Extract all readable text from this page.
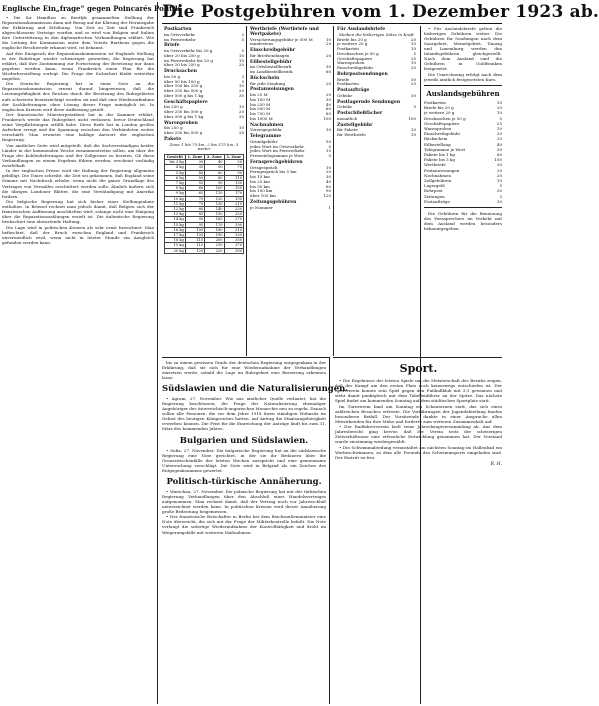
Englische Ein„frage“ gegen Poincarés Politik.

• Die Sir Hamilton zu Rentlyk gesammelten Stellung der Reparationskommission dann mit Bezug auf die Klärung der Herausgabe der Erklärung und Erhöhung. Von Zeit zu Zeit sind Frankreich abgeschlossene Verträge worden und so wird von Belgien und Italien ihre Unterstützung in den diplomatischen Verhandlungen erklärt. Wie die Leitung der Kommission unter dem Vorsitz Barthous gegen die englische Beschwerde erkannt wird, ist bekannt.

Auf den Einspruch der Reparationskommission ist Englands Stellung in der Ruhrfrage wieder schwieriger geworden; die Regierung hat erklärt, daß ihre Zustimmung zur Fortsetzung der Besetzung nur dann gegeben werden kann, wenn Frankreich einen Plan für die Wiederherstellung vorlegt. Die Frage der Sicherheit bleibt weiterhin ungelöst.

Die Deutsche Regierung hat in einer Note an die Reparationskommission erneut darauf hingewiesen, daß die Leistungsfähigkeit des Reiches durch die Besetzung des Ruhrgebietes aufs schwerste beeinträchtigt worden sei und daß eine Wiederaufnahme der Sachlieferungen ohne Lösung dieser Frage unmöglich ist. In englischen Kreisen wird diese Auffassung geteilt.

Der französische Ministerpräsident hat in der Kammer erklärt, Frankreich werde das Ruhrgebiet nicht verlassen, bevor Deutschland seine Verpflichtungen erfüllt habe. Diese Rede hat in London großes Aufsehen erregt und die Spannung zwischen den Verbündeten weiter verschärft. Man erwartet eine baldige Antwort der englischen Regierung.

Von amtlicher Seite wird mitgeteilt, daß die Sachverständigen beider Länder in der kommenden Woche zusammentreten sollen, um über die Frage der Kohlenlieferungen und der Zollgrenze zu beraten. Ob diese Verhandlungen zu einem Ergebnis führen werden, erscheint vorläufig zweifelhaft.

In der englischen Presse wird die Haltung der Regierung allgemein gebilligt. Die Times schreibt, die Zeit sei gekommen, daß England seine Stimme mit Nachdruck erhebe, wenn nicht die ganze Grundlage des Vertrages von Versailles erschüttert werden solle. Ähnlich äußern sich die übrigen Londoner Blätter, die eine Verständigung mit Amerika fordern.

Die belgische Regierung hat sich bisher einer Stellungnahme enthalten. In Brüssel rechnet man jedoch damit, daß Belgien sich der französischen Auffassung anschließen wird, solange nicht eine Einigung über die Reparationszahlungen erzielt ist. Die italienische Regierung beobachtet eine abwartende Haltung.

Die Lage wird in politischen Kreisen als sehr ernst bezeichnet. Man befürchtet, daß der Bruch zwischen England und Frankreich unvermeidlich wird, wenn nicht in letzter Stunde ein Ausgleich gefunden werden kann.

Die Postgebühren vom 1. Dezember 1923 ab.
Postkarten
im Ortsverkehr	3
im Fernverkehr	5
Briefe
im Ortsverkehr bis 20 g	5
über 20 bis 250 g	10
im Fernverkehr bis 20 g	10
über 20 bis 250 g	20
Drucksachen
bis 50 g	3
über 50 bis 100 g	5
über 100 bis 250 g	10
über 250 bis 500 g	20
über 500 g bis 1 kg	30
Geschäftspapiere
bis 250 g	10
über 250 bis 500 g	20
über 500 g bis 1 kg	30
Warenproben
bis 250 g	10
über 250 bis 500 g	20
Pakete
Zone 1 bis 75 km, 2 bis 375 km, 3 weiter
Gewicht	1. Zone	2. Zone	3. Zone
bis 3 kg	30	40	50
4 kg	35	50	70
5 kg	40	60	90
6 kg	50	80	110
7 kg	55	90	130
8 kg	60	100	150
9 kg	65	110	170
10 kg	70	120	190
11 kg	75	130	210
12 kg	80	140	230
13 kg	85	150	250
14 kg	90	160	270
15 kg	95	170	290
16 kg	100	180	310
17 kg	105	190	330
18 kg	110	200	350
19 kg	115	210	370
20 kg	120	220	390
Wertbriefe (Wertbriefe und Wertpakete)
Versicherungsgebühr je 500 M	10
mindestens	20
Einschreibgebühr
für Briefsendungen	20
Eilbestellgebühr
im Ortsbestellbezirk	30
im Landbestellbezirk	60
Rückschein
für jede Sendung	20
Postanweisungen
bis 25 M	20
bis 100 M	30
bis 250 M	40
bis 500 M	60
bis 750 M	80
bis 1000 M	100
Nachnahmen
Vorzeigegebühr	10
Telegramme
Grundgebühr	50
jedes Wort im Ortsverkehr	5
jedes Wort im Fernverkehr	10
Pressetelegramme je Wort	5
Fernsprechgebühren
Ortsgespräch	10
Ferngespräch bis 5 km	20
bis 15 km	30
bis 25 km	40
bis 50 km	60
bis 100 km	90
über 100 km	120
Zeitungsgebühren
je Nummer	1
Für Auslandsbriefe
bleiben die bisherigen Sätze in Kraft
Briefe bis 20 g	20
je weitere 20 g	10
Postkarten	10
Drucksachen je 50 g	5
Geschäftspapiere	25
Warenproben	10
Einschreibgebühr	20
Rohrpostsendungen
Briefe	30
Postkarten	25
Postaufträge
Gebühr	30
Postlagernde Sendungen
Gebühr	5
Postschließfächer
monatlich	100
Zustellgebühr
für Pakete	10
für Wertbriefe	10

bis zu einem gewissen Grade der deutschen Regierung entgegenkam in der Erklärung, daß sie sich für eine Wiederaufnahme der Verhandlungen einsetzen werde, sobald die Lage im Ruhrgebiet eine Besserung erkennen lasse.

Südslawien und die Naturalisierungen.

• Agram, 27. November. Wie aus amtlicher Quelle verlautet, hat die Regierung beschlossen, die Frage der Naturalisierung ehemaliger Angehöriger der österreichisch-ungarischen Monarchie neu zu regeln. Danach sollen alle Personen, die vor dem Jahre 1918 ihren ständigen Wohnsitz im Gebiet des heutigen Königreiches hatten, auf Antrag die Staatsangehörigkeit erwerben können. Die Frist für die Einreichung der Anträge läuft bis zum 31. März des kommenden Jahres.

Bulgarien und Südslawien.

• Sofia, 27. November. Die bulgarische Regierung hat an die südslawische Regierung eine Note gerichtet, in der sie ihr Bedauern über die Grenzzwischenfälle der letzten Wochen ausspricht und eine gemeinsame Untersuchung vorschlägt. Die Note wird in Belgrad als ein Zeichen des Entgegenkommens gewertet.

Politisch-türkische Annäherung.

• Warschau, 27. November. Die polnische Regierung hat mit der türkischen Regierung Verhandlungen über den Abschluß eines Handelsvertrages aufgenommen. Man rechnet damit, daß der Vertrag noch vor Jahresschluß unterzeichnet werden kann. In politischen Kreisen wird dieser Annäherung große Bedeutung beigemessen.

• Der französische Botschafter in Berlin hat dem Reichsaußenminister eine Note überreicht, die sich mit der Frage der Militärkontrolle befaßt. Die Note verlangt die sofortige Wiederaufnahme der Kontrolltätigkeit und droht im Weigerungsfalle mit weiteren Maßnahmen.

Sport.

• Die Ergebnisse der letzten Spiele um die Meisterschaft des Bezirks zeigen, daß der Kampf um den ersten Platz noch keineswegs entschieden ist. Der Sportverein konnte sein Spiel gegen den Fußballklub mit 3:1 gewinnen und steht damit punktgleich mit dem Tabellenführer an der Spitze. Das nächste Spiel findet am kommenden Sonntag auf dem städtischen Sportplatz statt.

Im Turnverein fand am Sonntag ein Schauturnen statt, das sich eines zahlreichen Besuches erfreute. Die Vorführungen der Jugendabteilung fanden besonderen Beifall. Der Vorsitzende dankte in einer Ansprache allen Mitwirkenden für ihre Mühe und forderte zum weiteren Zusammenhalt auf.

• Der Radfahrerverein hielt seine Jahreshauptversammlung ab. Aus dem Jahresbericht ging hervor, daß der Verein trotz der schwierigen Zeitverhältnisse eine erfreuliche Entwicklung genommen hat. Der Vorstand wurde einstimmig wiedergewählt.

• Die Schwimmabteilung veranstaltet am nächsten Sonntag im Hallenbad ein Werbeschwimmen, zu dem alle Freunde des Schwimmsports eingeladen sind. Der Eintritt ist frei.

R. H.

• Für Auslandsbriefe gelten die bisherigen Gebühren weiter. Die Gebühren für Sendungen nach dem Saargebiet, Memelgebiet, Danzig und Luxemburg werden den Inlandsgebühren gleichgestellt. Nach dem Ausland sind die Gebühren in Goldfranken festgesetzt.

Die Umrechnung erfolgt nach dem jeweils amtlich festgesetzten Kurs.

Auslandsgebühren
Postkarten	10
Briefe bis 20 g	20
je weitere 20 g	10
Drucksachen je 50 g	5
Geschäftspapiere	25
Warenproben	10
Einschreibgebühr	20
Rückschein	20
Eilbestellung	40
Telegramme je Wort	30
Pakete bis 1 kg	80
Pakete bis 5 kg	150
Wertbriefe	30
Postanweisungen	20
Nachnahmen	20
Zollgebühren	10
Lagergeld	5
Rohrpost	30
Zeitungen	3
Postaufträge	30

Die Gebühren für die Benutzung des Fernsprechers im Verkehr mit dem Ausland werden besonders bekanntgegeben.
